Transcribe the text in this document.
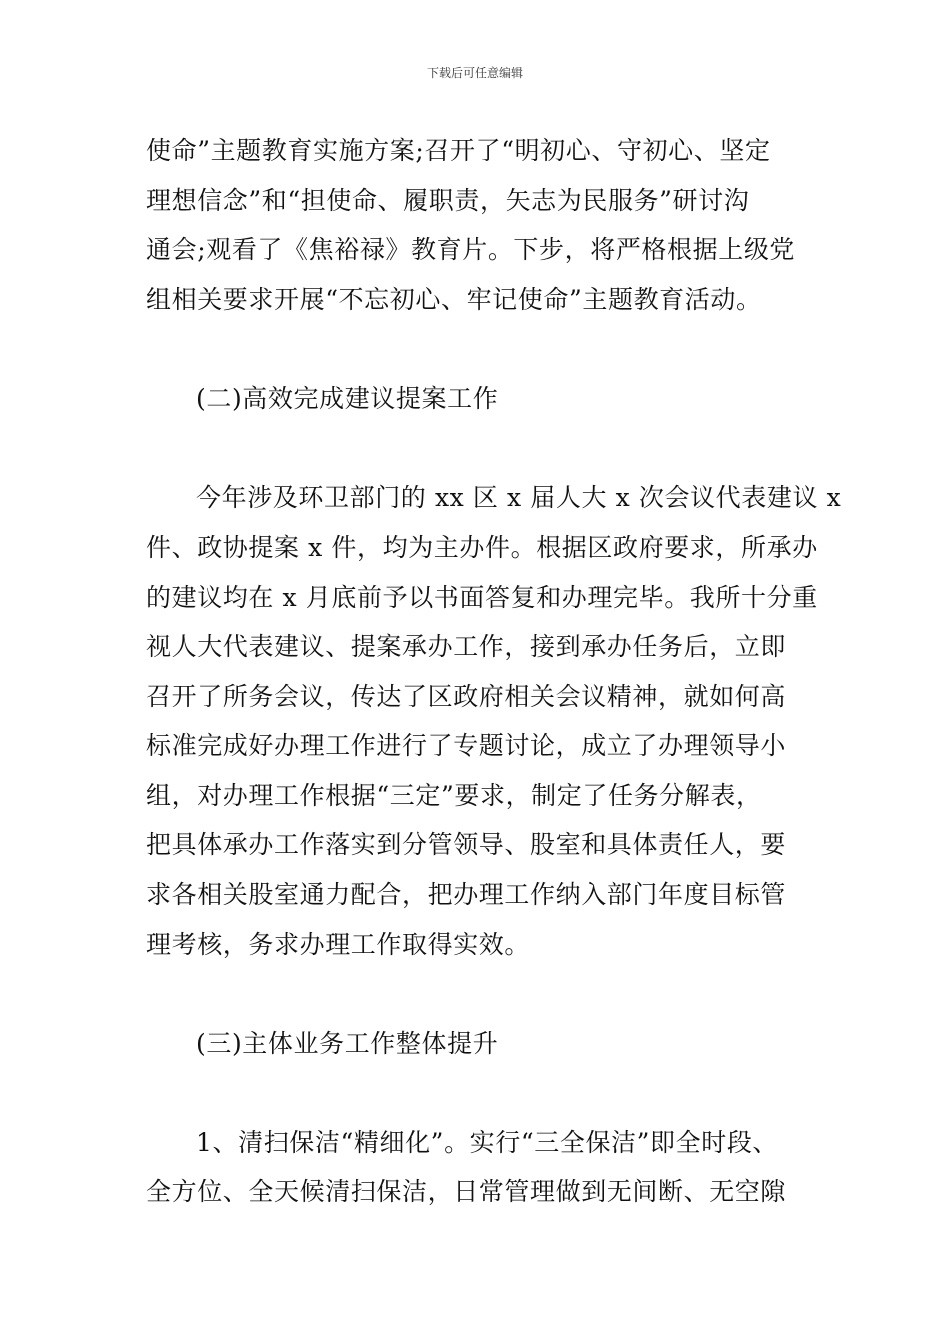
下载后可任意编辑
使命”主题教育实施方案;召开了“明初心、守初心、坚定
理想信念”和“担使命、履职责，矢志为民服务”研讨沟
通会;观看了《焦裕禄》教育片。下步，将严格根据上级党
组相关要求开展“不忘初心、牢记使命”主题教育活动。
(二)高效完成建议提案工作
今年涉及环卫部门的 xx 区 x 届人大 x 次会议代表建议 x
件、政协提案 x 件，均为主办件。根据区政府要求，所承办
的建议均在 x 月底前予以书面答复和办理完毕。我所十分重
视人大代表建议、提案承办工作，接到承办任务后，立即
召开了所务会议，传达了区政府相关会议精神，就如何高
标准完成好办理工作进行了专题讨论，成立了办理领导小
组，对办理工作根据“三定”要求，制定了任务分解表，
把具体承办工作落实到分管领导、股室和具体责任人，要
求各相关股室通力配合，把办理工作纳入部门年度目标管
理考核，务求办理工作取得实效。
(三)主体业务工作整体提升
1、清扫保洁“精细化”。实行“三全保洁”即全时段、
全方位、全天候清扫保洁，日常管理做到无间断、无空隙
